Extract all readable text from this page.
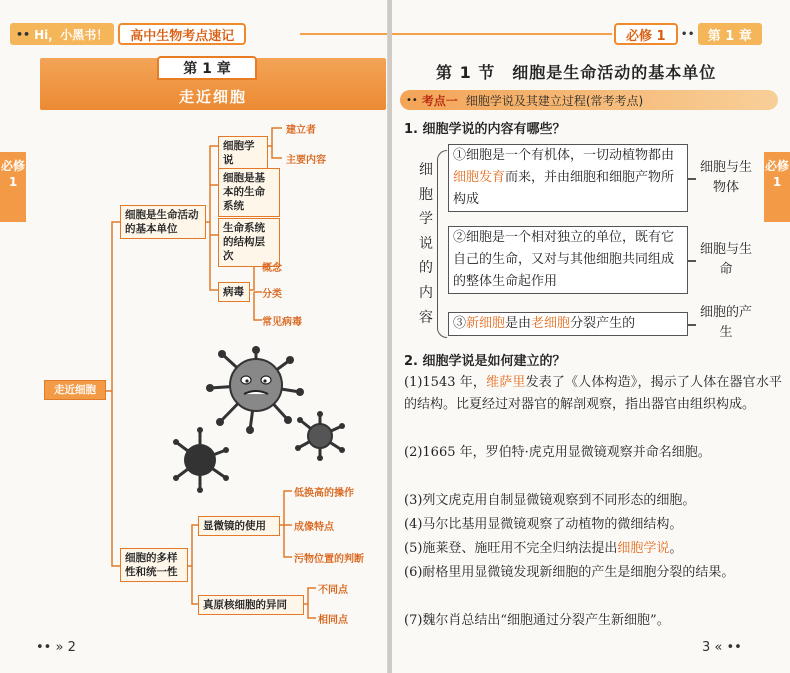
•• Hi，小黑书！	高中生物考点速记
第 1 章
走近细胞
必修 1
走近细胞
细胞是生命活动的基本单位
细胞学说
细胞是基本的生命系统
生命系统的结构层次
病毒
建立者
主要内容
概念
分类
常见病毒
细胞的多样性和统一性
显微镜的使用
真原核细胞的异同
低换高的操作
成像特点
污物位置的判断
不同点
相同点
•• » 2
必修 1	••	第 1 章
第 1 节　细胞是生命活动的基本单位
•• 考点一 细胞学说及其建立过程(常考考点)
1. 细胞学说的内容有哪些？
细
胞
学
说
的
内
容
①细胞是一个有机体，一切动植物都由细胞发育而来，并由细胞和细胞产物所构成
细胞与生物体
②细胞是一个相对独立的单位，既有它自己的生命，又对与其他细胞共同组成的整体生命起作用
细胞与生命
③新细胞是由老细胞分裂产生的
细胞的产生
2. 细胞学说是如何建立的？
(1)1543 年，维萨里发表了《人体构造》，揭示了人体在器官水平的结构。比夏经过对器官的解剖观察，指出器官由组织构成。
(2)1665 年，罗伯特·虎克用显微镜观察并命名细胞。
(3)列文虎克用自制显微镜观察到不同形态的细胞。
(4)马尔比基用显微镜观察了动植物的微细结构。
(5)施莱登、施旺用不完全归纳法提出细胞学说。
(6)耐格里用显微镜发现新细胞的产生是细胞分裂的结果。
(7)魏尔肖总结出“细胞通过分裂产生新细胞”。
必修 1
3 « ••
